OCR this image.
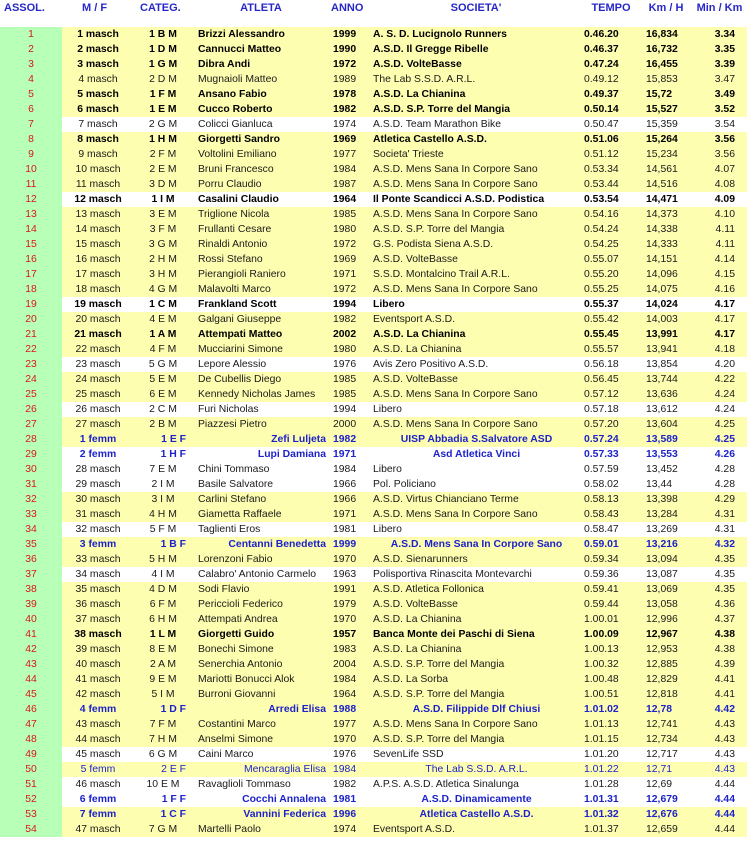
ASSOL.	M / F	CATEG.	ATLETA	ANNO	SOCIETA'	TEMPO	Km / H	Min / Km
1	1 masch	1 B M	Brizzi Alessandro	1999	A. S. D. Lucignolo Runners	0.46.20	16,834	3.34
2	2 masch	1 D M	Cannucci Matteo	1990	A.S.D. Il Gregge Ribelle	0.46.37	16,732	3.35
3	3 masch	1 G M	Dibra Andi	1972	A.S.D. VolteBasse	0.47.24	16,455	3.39
4	4 masch	2 D M	Mugnaioli Matteo	1989	The Lab S.S.D. A.R.L.	0.49.12	15,853	3.47
5	5 masch	1 F M	Ansano Fabio	1978	A.S.D. La Chianina	0.49.37	15,72	3.49
6	6 masch	1 E M	Cucco Roberto	1982	A.S.D. S.P. Torre del Mangia	0.50.14	15,527	3.52
7	7 masch	2 G M	Colicci Gianluca	1974	A.S.D. Team Marathon Bike	0.50.47	15,359	3.54
8	8 masch	1 H M	Giorgetti Sandro	1969	Atletica Castello A.S.D.	0.51.06	15,264	3.56
9	9 masch	2 F M	Voltolini Emiliano	1977	Societa' Trieste	0.51.12	15,234	3.56
10	10 masch	2 E M	Bruni Francesco	1984	A.S.D. Mens Sana In Corpore Sano	0.53.34	14,561	4.07
11	11 masch	3 D M	Porru Claudio	1987	A.S.D. Mens Sana In Corpore Sano	0.53.44	14,516	4.08
12	12 masch	1 I M	Casalini Claudio	1964	Il Ponte Scandicci A.S.D. Podistica	0.53.54	14,471	4.09
13	13 masch	3 E M	Triglione Nicola	1985	A.S.D. Mens Sana In Corpore Sano	0.54.16	14,373	4.10
14	14 masch	3 F M	Frullanti Cesare	1980	A.S.D. S.P. Torre del Mangia	0.54.24	14,338	4.11
15	15 masch	3 G M	Rinaldi Antonio	1972	G.S. Podista Siena A.S.D.	0.54.25	14,333	4.11
16	16 masch	2 H M	Rossi Stefano	1969	A.S.D. VolteBasse	0.55.07	14,151	4.14
17	17 masch	3 H M	Pierangioli Raniero	1971	S.S.D. Montalcino Trail A.R.L.	0.55.20	14,096	4.15
18	18 masch	4 G M	Malavolti Marco	1972	A.S.D. Mens Sana In Corpore Sano	0.55.25	14,075	4.16
19	19 masch	1 C M	Frankland Scott	1994	Libero	0.55.37	14,024	4.17
20	20 masch	4 E M	Galgani Giuseppe	1982	Eventsport A.S.D.	0.55.42	14,003	4.17
21	21 masch	1 A M	Attempati Matteo	2002	A.S.D. La Chianina	0.55.45	13,991	4.17
22	22 masch	4 F M	Mucciarini Simone	1980	A.S.D. La Chianina	0.55.57	13,941	4.18
23	23 masch	5 G M	Lepore Alessio	1976	Avis Zero Positivo A.S.D.	0.56.18	13,854	4.20
24	24 masch	5 E M	De Cubellis Diego	1985	A.S.D. VolteBasse	0.56.45	13,744	4.22
25	25 masch	6 E M	Kennedy Nicholas James	1985	A.S.D. Mens Sana In Corpore Sano	0.57.12	13,636	4.24
26	26 masch	2 C M	Furi Nicholas	1994	Libero	0.57.18	13,612	4.24
27	27 masch	2 B M	Piazzesi Pietro	2000	A.S.D. Mens Sana In Corpore Sano	0.57.20	13,604	4.25
28	1 femm	1 E F	Zefi Luljeta	1982	UISP Abbadia S.Salvatore ASD	0.57.24	13,589	4.25
29	2 femm	1 H F	Lupi Damiana	1971	Asd Atletica Vinci	0.57.33	13,553	4.26
30	28 masch	7 E M	Chini Tommaso	1984	Libero	0.57.59	13,452	4.28
31	29 masch	2 I M	Basile Salvatore	1966	Pol. Policiano	0.58.02	13,44	4.28
32	30 masch	3 I M	Carlini Stefano	1966	A.S.D. Virtus Chianciano Terme	0.58.13	13,398	4.29
33	31 masch	4 H M	Giametta Raffaele	1971	A.S.D. Mens Sana In Corpore Sano	0.58.43	13,284	4.31
34	32 masch	5 F M	Taglienti Eros	1981	Libero	0.58.47	13,269	4.31
35	3 femm	1 B F	Centanni Benedetta	1999	A.S.D. Mens Sana In Corpore Sano	0.59.01	13,216	4.32
36	33 masch	5 H M	Lorenzoni Fabio	1970	A.S.D. Sienarunners	0.59.34	13,094	4.35
37	34 masch	4 I M	Calabro' Antonio Carmelo	1963	Polisportiva Rinascita Montevarchi	0.59.36	13,087	4.35
38	35 masch	4 D M	Sodi Flavio	1991	A.S.D. Atletica Follonica	0.59.41	13,069	4.35
39	36 masch	6 F M	Periccioli Federico	1979	A.S.D. VolteBasse	0.59.44	13,058	4.36
40	37 masch	6 H M	Attempati Andrea	1970	A.S.D. La Chianina	1.00.01	12,996	4.37
41	38 masch	1 L M	Giorgetti Guido	1957	Banca Monte dei Paschi di Siena	1.00.09	12,967	4.38
42	39 masch	8 E M	Bonechi Simone	1983	A.S.D. La Chianina	1.00.13	12,953	4.38
43	40 masch	2 A M	Senerchia Antonio	2004	A.S.D. S.P. Torre del Mangia	1.00.32	12,885	4.39
44	41 masch	9 E M	Mariotti Bonucci Alok	1984	A.S.D. La Sorba	1.00.48	12,829	4.41
45	42 masch	5 I M	Burroni Giovanni	1964	A.S.D. S.P. Torre del Mangia	1.00.51	12,818	4.41
46	4 femm	1 D F	Arredi Elisa	1988	A.S.D. Filippide Dlf Chiusi	1.01.02	12,78	4.42
47	43 masch	7 F M	Costantini Marco	1977	A.S.D. Mens Sana In Corpore Sano	1.01.13	12,741	4.43
48	44 masch	7 H M	Anselmi Simone	1970	A.S.D. S.P. Torre del Mangia	1.01.15	12,734	4.43
49	45 masch	6 G M	Caini Marco	1976	SevenLife SSD	1.01.20	12,717	4.43
50	5 femm	2 E F	Mencaraglia Elisa	1984	The Lab S.S.D. A.R.L.	1.01.22	12,71	4.43
51	46 masch	10 E M	Ravaglioli Tommaso	1982	A.P.S. A.S.D. Atletica Sinalunga	1.01.28	12,69	4.44
52	6 femm	1 F F	Cocchi Annalena	1981	A.S.D. Dinamicamente	1.01.31	12,679	4.44
53	7 femm	1 C F	Vannini Federica	1996	Atletica Castello A.S.D.	1.01.32	12,676	4.44
54	47 masch	7 G M	Martelli Paolo	1974	Eventsport A.S.D.	1.01.37	12,659	4.44
